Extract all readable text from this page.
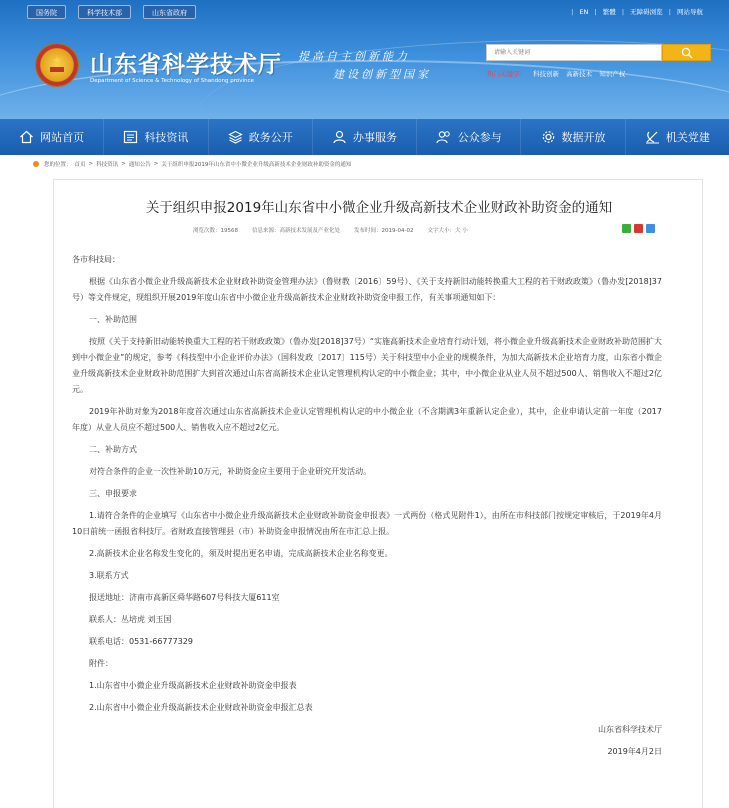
国务院	科学技术部	山东省政府	| EN | 繁體 | 无障碍浏览 | 网站导航
山东省科学技术厅
Department of Science & Technology of Shandong province
提高自主创新能力
建设创新型国家
请输入关键词
热门关键字： 科技创新 高新技术 知识产权
网站首页	科技资讯	政务公开	办事服务	公众参与	数据开放	机关党建
您的位置： 首页 > 科技资讯 > 通知公告 > 关于组织申报2019年山东省中小微企业升级高新技术企业财政补助资金的通知
关于组织申报2019年山东省中小微企业升级高新技术企业财政补助资金的通知
浏览次数：19568	信息来源：高新技术发展及产业化处	发布时间：2019-04-02	文字大小：大 小

各市科技局：

根据《山东省小微企业升级高新技术企业财政补助资金管理办法》（鲁财教〔2016〕59号）、《关于支持新旧动能转换重大工程的若干财政政策》（鲁办发[2018]37号）等文件规定，现组织开展2019年度山东省中小微企业升级高新技术企业财政补助资金申报工作，有关事项通知如下：

一、补助范围

按照《关于支持新旧动能转换重大工程的若干财政政策》（鲁办发[2018]37号）“实施高新技术企业培育行动计划，将小微企业升级高新技术企业财政补助范围扩大到中小微企业”的规定，参考《科技型中小企业评价办法》（国科发政〔2017〕115号）关于科技型中小企业的规模条件，为加大高新技术企业培育力度，山东省小微企业升级高新技术企业财政补助范围扩大到首次通过山东省高新技术企业认定管理机构认定的中小微企业；其中，中小微企业从业人员不超过500人、销售收入不超过2亿元。

2019年补助对象为2018年度首次通过山东省高新技术企业认定管理机构认定的中小微企业（不含期满3年重新认定企业），其中，企业申请认定前一年度（2017年度）从业人员应不超过500人、销售收入应不超过2亿元。

二、补助方式

对符合条件的企业一次性补助10万元，补助资金应主要用于企业研究开发活动。

三、申报要求

1.请符合条件的企业填写《山东省中小微企业升级高新技术企业财政补助资金申报表》一式两份（格式见附件1），由所在市科技部门按规定审核后，于2019年4月10日前统一函报省科技厅。省财政直接管理县（市）补助资金申报情况由所在市汇总上报。

2.高新技术企业名称发生变化的，须及时提出更名申请，完成高新技术企业名称变更。

3.联系方式

报送地址：济南市高新区舜华路607号科技大厦611室

联系人：丛培虎 刘玉国

联系电话：0531-66777329

附件：

1.山东省中小微企业升级高新技术企业财政补助资金申报表

2.山东省中小微企业升级高新技术企业财政补助资金申报汇总表

山东省科学技术厅

2019年4月2日
